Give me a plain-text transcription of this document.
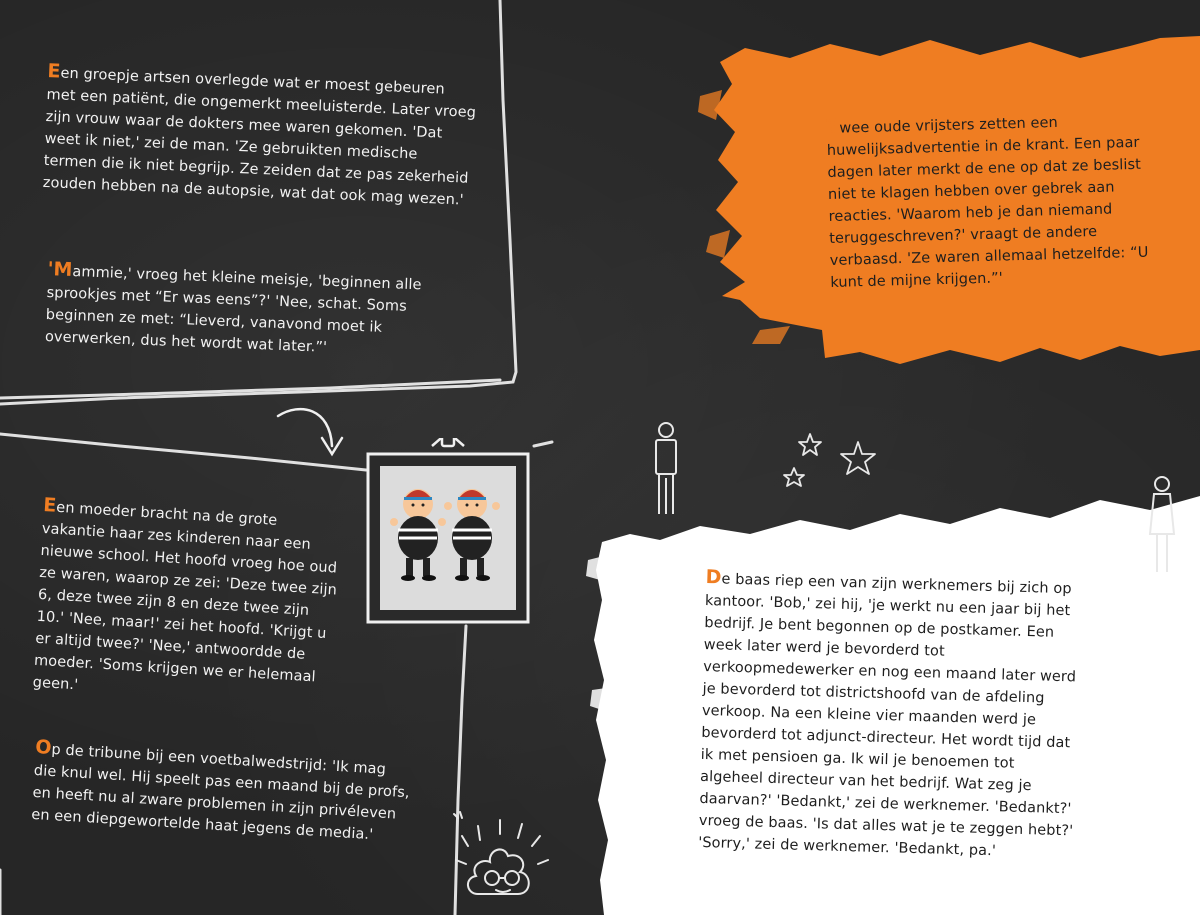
Een groepje artsen overlegde wat er moest gebeuren met een patiënt, die ongemerkt meeluisterde. Later vroeg zijn vrouw waar de dokters mee waren gekomen. 'Dat weet ik niet,' zei de man. 'Ze gebruikten medische termen die ik niet begrijp. Ze zeiden dat ze pas zekerheid zouden hebben na de autopsie, wat dat ook mag wezen.'
'Mammie,' vroeg het kleine meisje, 'beginnen alle sprookjes met “Er was eens”?' 'Nee, schat. Soms beginnen ze met: “Lieverd, vanavond moet ik overwerken, dus het wordt wat later.”'
Twee oude vrijsters zetten een huwelijksadvertentie in de krant. Een paar dagen later merkt de ene op dat ze beslist niet te klagen hebben over gebrek aan reacties. 'Waarom heb je dan niemand teruggeschreven?' vraagt de andere verbaasd. 'Ze waren allemaal hetzelfde: “U kunt de mijne krijgen.”'
Een moeder bracht na de grote vakantie haar zes kinderen naar een nieuwe school. Het hoofd vroeg hoe oud ze waren, waarop ze zei: 'Deze twee zijn 6, deze twee zijn 8 en deze twee zijn 10.' 'Nee, maar!' zei het hoofd. 'Krijgt u er altijd twee?' 'Nee,' antwoordde de moeder. 'Soms krijgen we er helemaal geen.'
Op de tribune bij een voetbalwedstrijd: 'Ik mag die knul wel. Hij speelt pas een maand bij de profs, en heeft nu al zware problemen in zijn privéleven en een diepgewortelde haat jegens de media.'
De baas riep een van zijn werknemers bij zich op kantoor. 'Bob,' zei hij, 'je werkt nu een jaar bij het bedrijf. Je bent begonnen op de postkamer. Een week later werd je bevorderd tot verkoopmedewerker en nog een maand later werd je bevorderd tot districtshoofd van de afdeling verkoop. Na een kleine vier maanden werd je bevorderd tot adjunct-directeur. Het wordt tijd dat ik met pensioen ga. Ik wil je benoemen tot algeheel directeur van het bedrijf. Wat zeg je daarvan?' 'Bedankt,' zei de werknemer. 'Bedankt?' vroeg de baas. 'Is dat alles wat je te zeggen hebt?' 'Sorry,' zei de werknemer. 'Bedankt, pa.'
